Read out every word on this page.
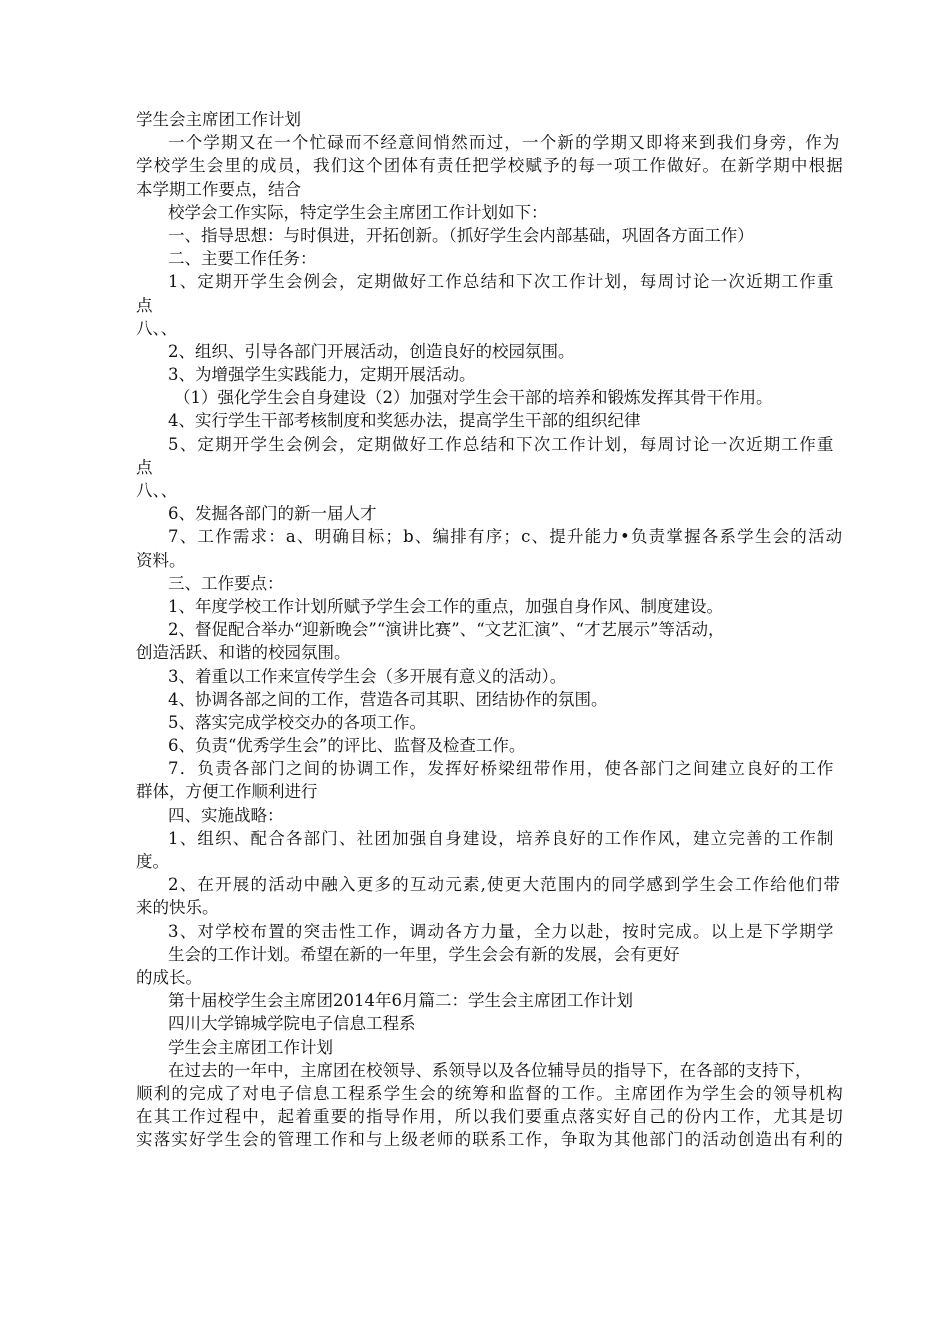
学生会主席团工作计划
一个学期又在一个忙碌而不经意间悄然而过，一个新的学期又即将来到我们身旁，作为
学校学生会里的成员，我们这个团体有责任把学校赋予的每一项工作做好。在新学期中根据
本学期工作要点，结合
校学会工作实际，特定学生会主席团工作计划如下：
一、指导思想：与时俱进，开拓创新。（抓好学生会内部基础，巩固各方面工作）
二、主要工作任务：
1、定期开学生会例会，定期做好工作总结和下次工作计划，每周讨论一次近期工作重
点
八、、
2、组织、引导各部门开展活动，创造良好的校园氛围。
3、为增强学生实践能力，定期开展活动。
（1）强化学生会自身建设（2）加强对学生会干部的培养和锻炼发挥其骨干作用。
4、实行学生干部考核制度和奖惩办法，提高学生干部的组织纪律
5、定期开学生会例会，定期做好工作总结和下次工作计划，每周讨论一次近期工作重
点
八、、
6、发掘各部门的新一届人才
7、工作需求：a、明确目标；b、编排有序；c、提升能力•负责掌握各系学生会的活动
资料。
三、工作要点：
1、年度学校工作计划所赋予学生会工作的重点，加强自身作风、制度建设。
2、督促配合举办“迎新晚会”“演讲比赛”、“文艺汇演”、“才艺展示”等活动，
创造活跃、和谐的校园氛围。
3、着重以工作来宣传学生会（多开展有意义的活动）。
4、协调各部之间的工作，营造各司其职、团结协作的氛围。
5、落实完成学校交办的各项工作。
6、负责“优秀学生会”的评比、监督及检查工作。
7．负责各部门之间的协调工作，发挥好桥梁纽带作用，使各部门之间建立良好的工作
群体，方便工作顺利进行
四、实施战略：
1、组织、配合各部门、社团加强自身建设，培养良好的工作作风，建立完善的工作制
度。
2、在开展的活动中融入更多的互动元素,使更大范围内的同学感到学生会工作给他们带
来的快乐。
3、对学校布置的突击性工作，调动各方力量，全力以赴，按时完成。以上是下学期学
生会的工作计划。希望在新的一年里，学生会会有新的发展，会有更好
的成长。
第十届校学生会主席团2014年6月篇二：学生会主席团工作计划
四川大学锦城学院电子信息工程系
学生会主席团工作计划
在过去的一年中，主席团在校领导、系领导以及各位辅导员的指导下，在各部的支持下，
顺利的完成了对电子信息工程系学生会的统筹和监督的工作。主席团作为学生会的领导机构
在其工作过程中，起着重要的指导作用，所以我们要重点落实好自己的份内工作，尤其是切
实落实好学生会的管理工作和与上级老师的联系工作，争取为其他部门的活动创造出有利的
